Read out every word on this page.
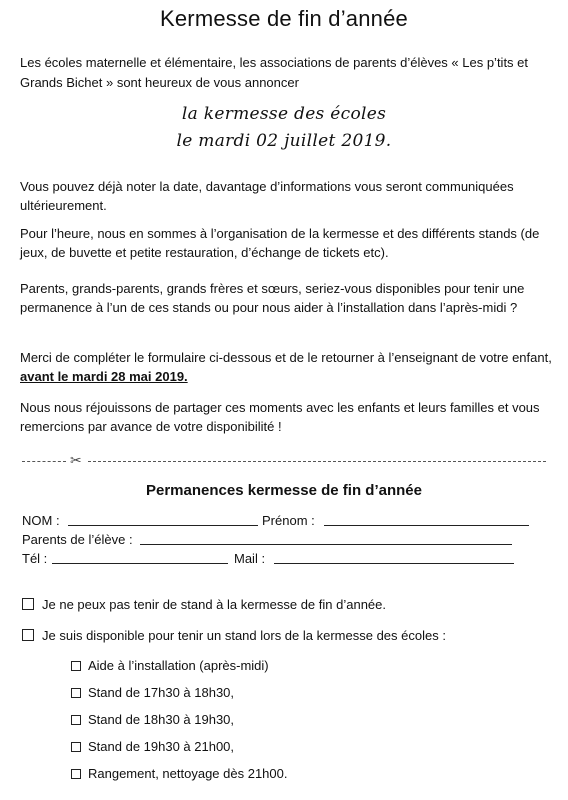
Kermesse de fin d’année
Les écoles maternelle et élémentaire, les associations de parents d’élèves « Les p’tits et Grands Bichet » sont heureux de vous annoncer
la kermesse des écoles
le mardi 02 juillet 2019.
Vous pouvez déjà noter la date, davantage d’informations vous seront communiquées ultérieurement.
Pour l’heure, nous en sommes à l’organisation de la kermesse et des différents stands (de jeux, de buvette et petite restauration, d’échange de tickets etc).
Parents, grands-parents, grands frères et sœurs, seriez-vous disponibles pour tenir une permanence à l’un de ces stands ou pour nous aider à l’installation dans l’après-midi ?
Merci de compléter le formulaire ci-dessous et de le retourner à l’enseignant de votre enfant, avant le mardi 28 mai 2019.
Nous nous réjouissons de partager ces moments avec les enfants et leurs familles et vous remercions par avance de votre disponibilité !
✂
Permanences kermesse de fin d’année
NOM :	Prénom :
Parents de l’élève :
Tél :	Mail :
Je ne peux pas tenir de stand à la kermesse de fin d’année.
Je suis disponible pour tenir un stand lors de la kermesse des écoles :
Aide à l’installation (après-midi)
Stand de 17h30 à 18h30,
Stand de 18h30 à 19h30,
Stand de 19h30 à 21h00,
Rangement, nettoyage dès 21h00.
